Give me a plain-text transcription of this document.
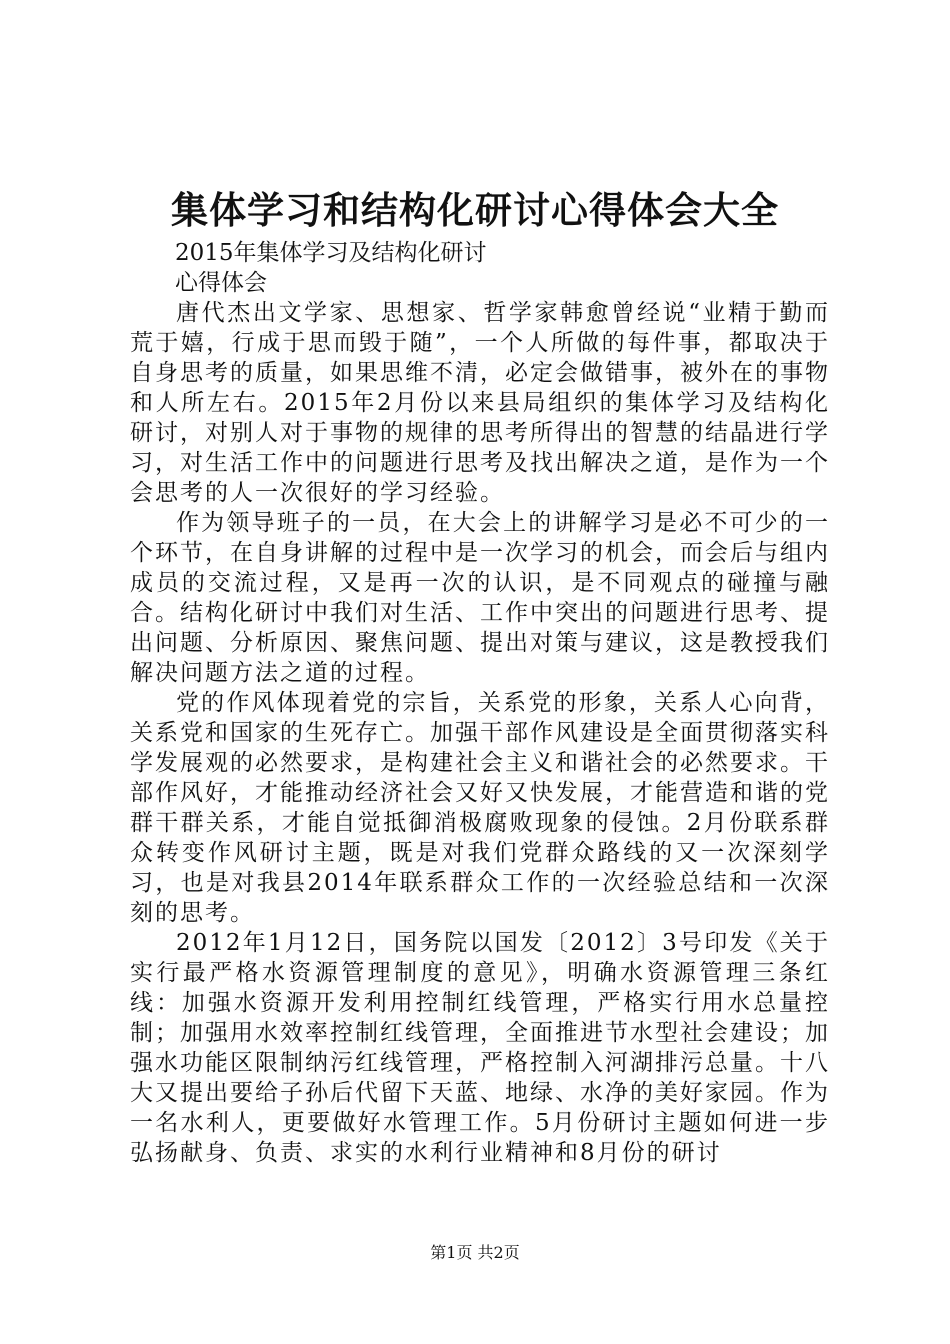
集体学习和结构化研讨心得体会大全

2015年集体学习及结构化研讨

心得体会

唐代杰出文学家、思想家、哲学家韩愈曾经说“业精于勤而荒于嬉，行成于思而毁于随”，一个人所做的每件事，都取决于自身思考的质量，如果思维不清，必定会做错事，被外在的事物和人所左右。2015年2月份以来县局组织的集体学习及结构化研讨，对别人对于事物的规律的思考所得出的智慧的结晶进行学习，对生活工作中的问题进行思考及找出解决之道，是作为一个会思考的人一次很好的学习经验。

作为领导班子的一员，在大会上的讲解学习是必不可少的一个环节，在自身讲解的过程中是一次学习的机会，而会后与组内成员的交流过程，又是再一次的认识，是不同观点的碰撞与融合。结构化研讨中我们对生活、工作中突出的问题进行思考、提出问题、分析原因、聚焦问题、提出对策与建议，这是教授我们解决问题方法之道的过程。

党的作风体现着党的宗旨，关系党的形象，关系人心向背，关系党和国家的生死存亡。加强干部作风建设是全面贯彻落实科学发展观的必然要求，是构建社会主义和谐社会的必然要求。干部作风好，才能推动经济社会又好又快发展，才能营造和谐的党群干群关系，才能自觉抵御消极腐败现象的侵蚀。2月份联系群众转变作风研讨主题，既是对我们党群众路线的又一次深刻学习，也是对我县2014年联系群众工作的一次经验总结和一次深刻的思考。

2012年1月12日，国务院以国发〔2012〕3号印发《关于实行最严格水资源管理制度的意见》，明确水资源管理三条红线：加强水资源开发利用控制红线管理，严格实行用水总量控制；加强用水效率控制红线管理，全面推进节水型社会建设；加强水功能区限制纳污红线管理，严格控制入河湖排污总量。十八大又提出要给子孙后代留下天蓝、地绿、水净的美好家园。作为一名水利人，更要做好水管理工作。5月份研讨主题如何进一步弘扬献身、负责、求实的水利行业精神和8月份的研讨

第1页 共2页
